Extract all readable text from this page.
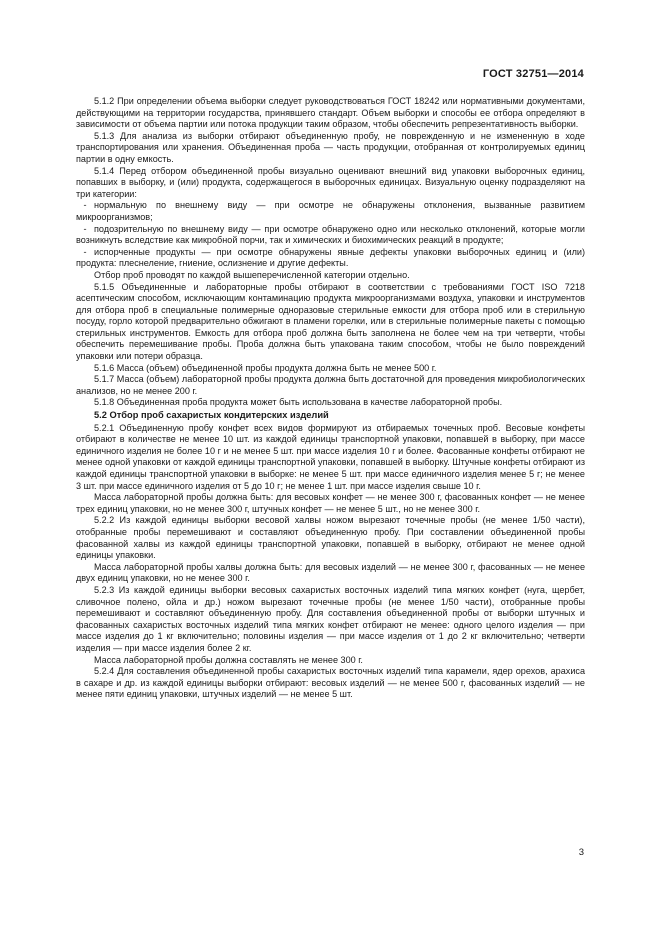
ГОСТ 32751—2014

5.1.2 При определении объема выборки следует руководствоваться ГОСТ 18242 или нормативными документами, действующими на территории государства, принявшего стандарт. Объем выборки и способы ее отбора определяют в зависимости от объема партии или потока продукции таким образом, чтобы обеспечить репрезентативность выборки.

5.1.3 Для анализа из выборки отбирают объединенную пробу, не поврежденную и не измененную в ходе транспортирования или хранения. Объединенная проба — часть продукции, отобранная от контролируемых единиц партии в одну емкость.

5.1.4 Перед отбором объединенной пробы визуально оценивают внешний вид упаковки выборочных единиц, попавших в выборку, и (или) продукта, содержащегося в выборочных единицах. Визуальную оценку подразделяют на три категории:

- нормальную по внешнему виду — при осмотре не обнаружены отклонения, вызванные развитием микроорганизмов;

- подозрительную по внешнему виду — при осмотре обнаружено одно или несколько отклонений, которые могли возникнуть вследствие как микробной порчи, так и химических и биохимических реакций в продукте;

- испорченные продукты — при осмотре обнаружены явные дефекты упаковки выборочных единиц и (или) продукта: плеснеление, гниение, ослизнение и другие дефекты.

Отбор проб проводят по каждой вышеперечисленной категории отдельно.

5.1.5 Объединенные и лабораторные пробы отбирают в соответствии с требованиями ГОСТ ISO 7218 асептическим способом, исключающим контаминацию продукта микроорганизмами воздуха, упаковки и инструментов для отбора проб в специальные полимерные одноразовые стерильные емкости для отбора проб или в стерильную посуду, горло которой предварительно обжигают в пламени горелки, или в стерильные полимерные пакеты с помощью стерильных инструментов. Емкость для отбора проб должна быть заполнена не более чем на три четверти, чтобы обеспечить перемешивание пробы. Проба должна быть упакована таким способом, чтобы не было повреждений упаковки или потери образца.

5.1.6 Масса (объем) объединенной пробы продукта должна быть не менее 500 г.

5.1.7 Масса (объем) лабораторной пробы продукта должна быть достаточной для проведения микробиологических анализов, но не менее 200 г.

5.1.8 Объединенная проба продукта может быть использована в качестве лабораторной пробы.

5.2 Отбор проб сахаристых кондитерских изделий

5.2.1 Объединенную пробу конфет всех видов формируют из отбираемых точечных проб. Весовые конфеты отбирают в количестве не менее 10 шт. из каждой единицы транспортной упаковки, попавшей в выборку, при массе единичного изделия не более 10 г и не менее 5 шт. при массе изделия 10 г и более. Фасованные конфеты отбирают не менее одной упаковки от каждой единицы транспортной упаковки, попавшей в выборку. Штучные конфеты отбирают из каждой единицы транспортной упаковки в выборке: не менее 5 шт. при массе единичного изделия менее 5 г; не менее 3 шт. при массе единичного изделия от 5 до 10 г; не менее 1 шт. при массе изделия свыше 10 г.

Масса лабораторной пробы должна быть: для весовых конфет — не менее 300 г, фасованных конфет — не менее трех единиц упаковки, но не менее 300 г, штучных конфет — не менее 5 шт., но не менее 300 г.

5.2.2 Из каждой единицы выборки весовой халвы ножом вырезают точечные пробы (не менее 1/50 части), отобранные пробы перемешивают и составляют объединенную пробу. При составлении объединенной пробы фасованной халвы из каждой единицы транспортной упаковки, попавшей в выборку, отбирают не менее одной единицы упаковки.

Масса лабораторной пробы халвы должна быть: для весовых изделий — не менее 300 г, фасованных — не менее двух единиц упаковки, но не менее 300 г.

5.2.3 Из каждой единицы выборки весовых сахаристых восточных изделий типа мягких конфет (нуга, щербет, сливочное полено, ойла и др.) ножом вырезают точечные пробы (не менее 1/50 части), отобранные пробы перемешивают и составляют объединенную пробу. Для составления объединенной пробы от выборки штучных и фасованных сахаристых восточных изделий типа мягких конфет отбирают не менее: одного целого изделия — при массе изделия до 1 кг включительно; половины изделия — при массе изделия от 1 до 2 кг включительно; четверти изделия — при массе изделия более 2 кг.

Масса лабораторной пробы должна составлять не менее 300 г.

5.2.4 Для составления объединенной пробы сахаристых восточных изделий типа карамели, ядер орехов, арахиса в сахаре и др. из каждой единицы выборки отбирают: весовых изделий — не менее 500 г, фасованных изделий — не менее пяти единиц упаковки, штучных изделий — не менее 5 шт.

3
